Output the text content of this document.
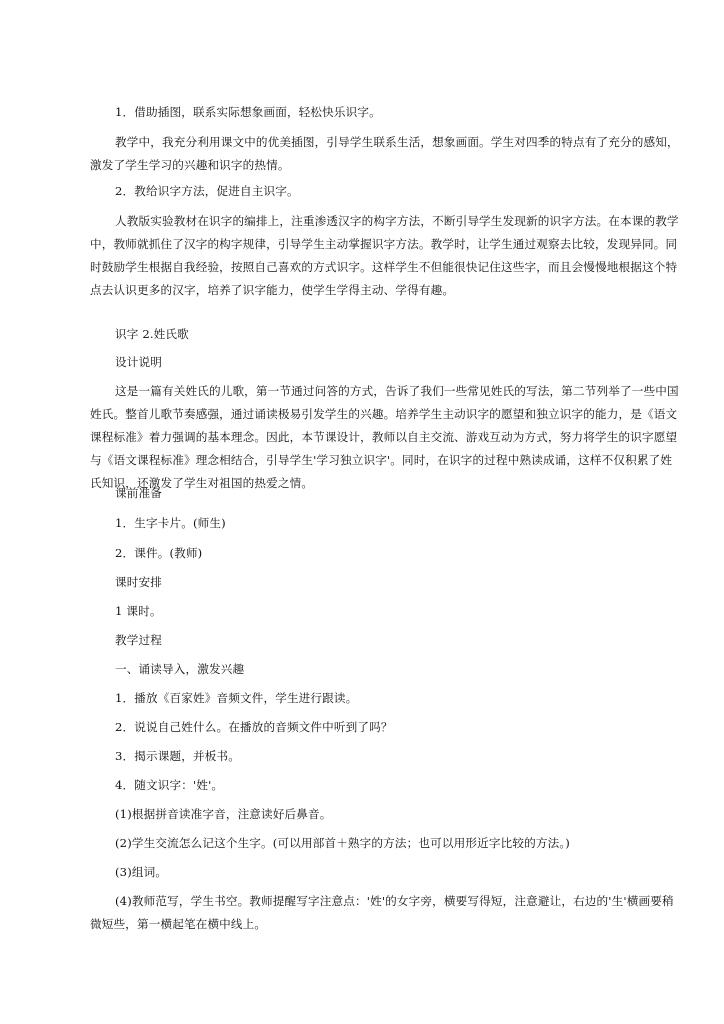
1．借助插图，联系实际想象画面，轻松快乐识字。

教学中，我充分利用课文中的优美插图，引导学生联系生活，想象画面。学生对四季的特点有了充分的感知，激发了学生学习的兴趣和识字的热情。

2．教给识字方法，促进自主识字。

人教版实验教材在识字的编排上，注重渗透汉字的构字方法，不断引导学生发现新的识字方法。在本课的教学中，教师就抓住了汉字的构字规律，引导学生主动掌握识字方法。教学时，让学生通过观察去比较，发现异同。同时鼓励学生根据自我经验，按照自己喜欢的方式识字。这样学生不但能很快记住这些字，而且会慢慢地根据这个特点去认识更多的汉字，培养了识字能力，使学生学得主动、学得有趣。

识字 2.姓氏歌

设计说明

这是一篇有关姓氏的儿歌，第一节通过问答的方式，告诉了我们一些常见姓氏的写法，第二节列举了一些中国姓氏。整首儿歌节奏感强，通过诵读极易引发学生的兴趣。培养学生主动识字的愿望和独立识字的能力，是《语文课程标准》着力强调的基本理念。因此，本节课设计，教师以自主交流、游戏互动为方式，努力将学生的识字愿望与《语文课程标准》理念相结合，引导学生'学习独立识字'。同时，在识字的过程中熟读成诵，这样不仅积累了姓氏知识，还激发了学生对祖国的热爱之情。

课前准备

1．生字卡片。(师生)

2．课件。(教师)

课时安排

1 课时。

教学过程

一、诵读导入，激发兴趣

1．播放《百家姓》音频文件，学生进行跟读。

2．说说自己姓什么。在播放的音频文件中听到了吗？

3．揭示课题，并板书。

4．随文识字：'姓'。

(1)根据拼音读准字音，注意读好后鼻音。

(2)学生交流怎么记这个生字。(可以用部首＋熟字的方法；也可以用形近字比较的方法。)

(3)组词。

(4)教师范写，学生书空。教师提醒写字注意点：'姓'的女字旁，横要写得短，注意避让，右边的'生'横画要稍微短些，第一横起笔在横中线上。
